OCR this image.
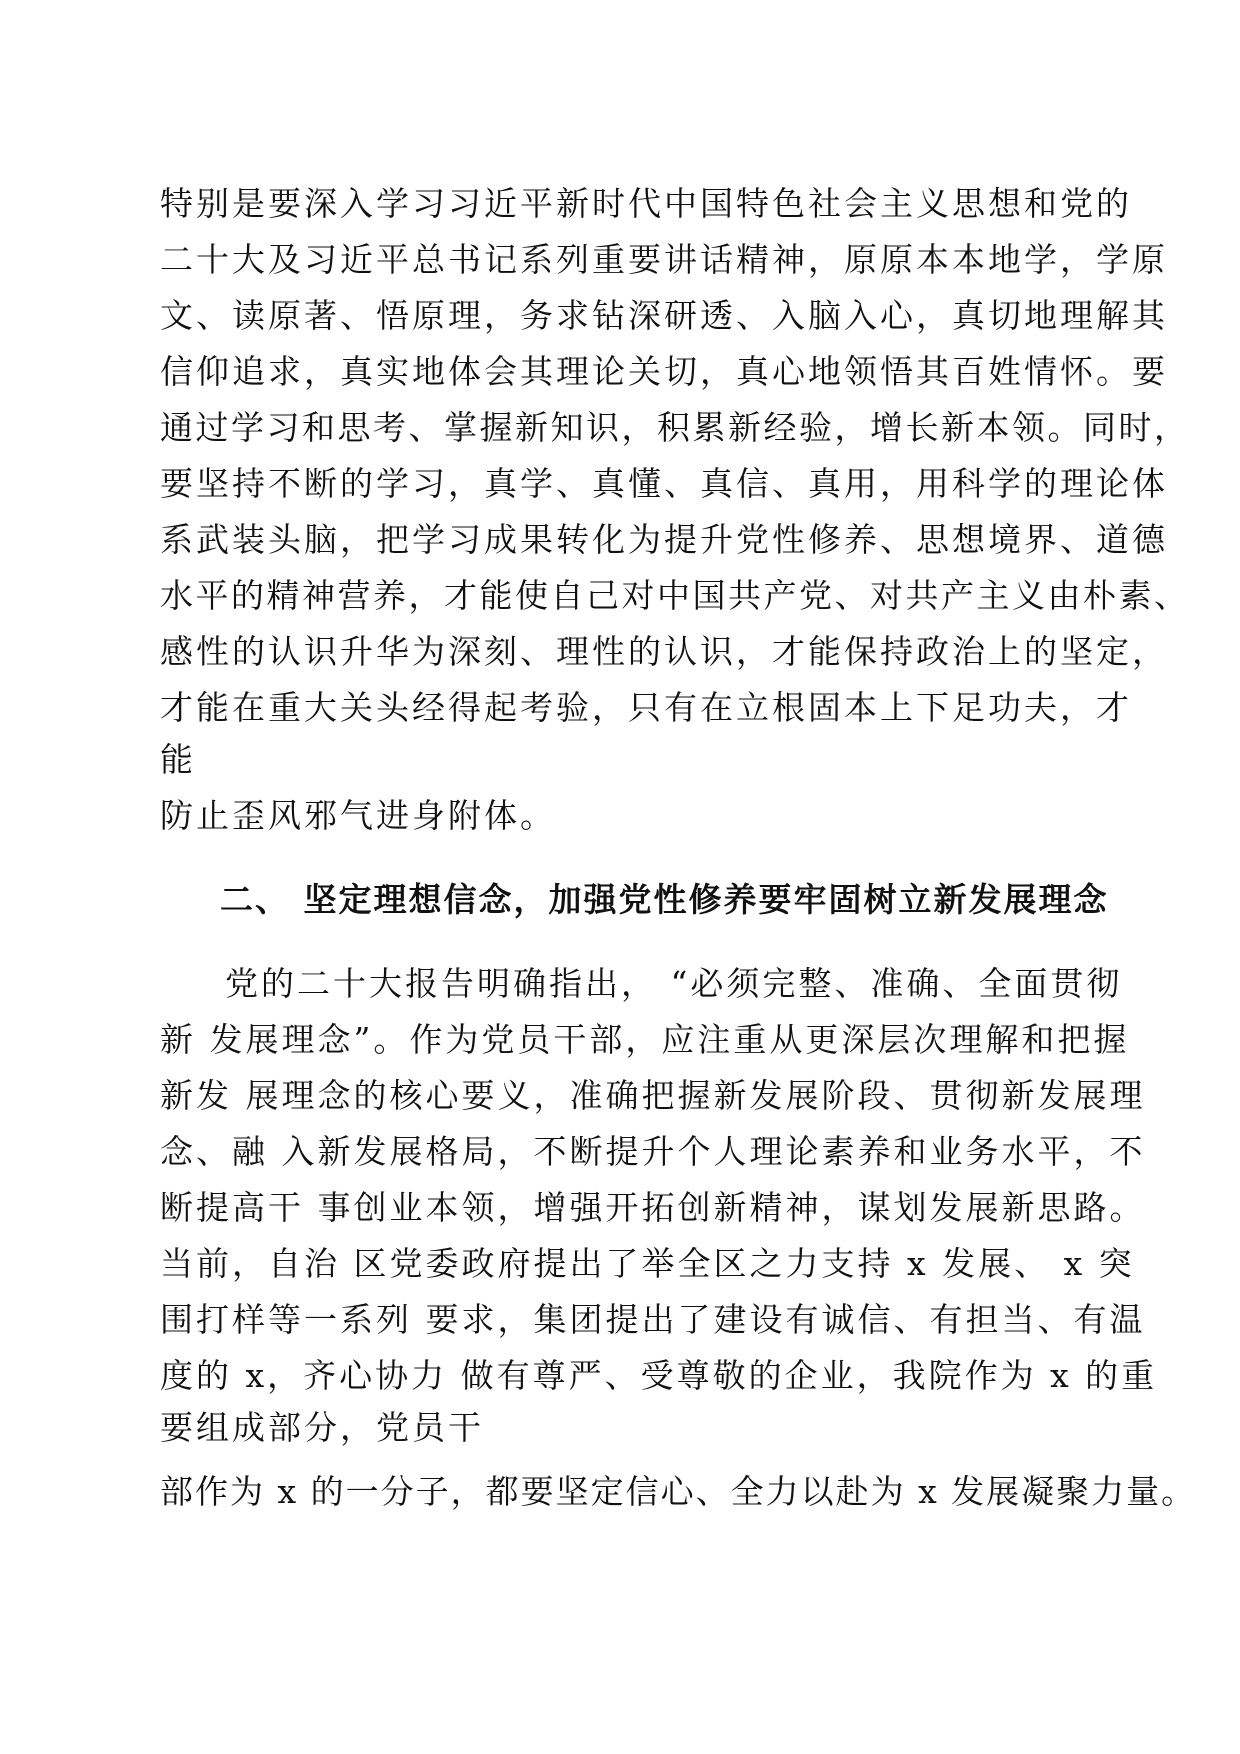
特别是要深入学习习近平新时代中国特色社会主义思想和党的
二十大及习近平总书记系列重要讲话精神，原原本本地学，学原
文、读原著、悟原理，务求钻深研透、入脑入心，真切地理解其
信仰追求，真实地体会其理论关切，真心地领悟其百姓情怀。要
通过学习和思考、掌握新知识，积累新经验，增长新本领。同时，
要坚持不断的学习，真学、真懂、真信、真用，用科学的理论体
系武装头脑，把学习成果转化为提升党性修养、思想境界、道德
水平的精神营养，才能使自己对中国共产党、对共产主义由朴素、
感性的认识升华为深刻、理性的认识，才能保持政治上的坚定，
才能在重大关头经得起考验，只有在立根固本上下足功夫，才
能
防止歪风邪气进身附体。
二、 坚定理想信念，加强党性修养要牢固树立新发展理念
党的二十大报告明确指出， “必须完整、准确、全面贯彻
新 发展理念”。作为党员干部，应注重从更深层次理解和把握
新发 展理念的核心要义，准确把握新发展阶段、贯彻新发展理
念、融 入新发展格局，不断提升个人理论素养和业务水平，不
断提高干 事创业本领，增强开拓创新精神，谋划发展新思路。
当前，自治 区党委政府提出了举全区之力支持 x 发展、 x 突
围打样等一系列 要求，集团提出了建设有诚信、有担当、有温
度的 x，齐心协力 做有尊严、受尊敬的企业，我院作为 x 的重
要组成部分，党员干
部作为 x 的一分子，都要坚定信心、全力以赴为 x 发展凝聚力量。
